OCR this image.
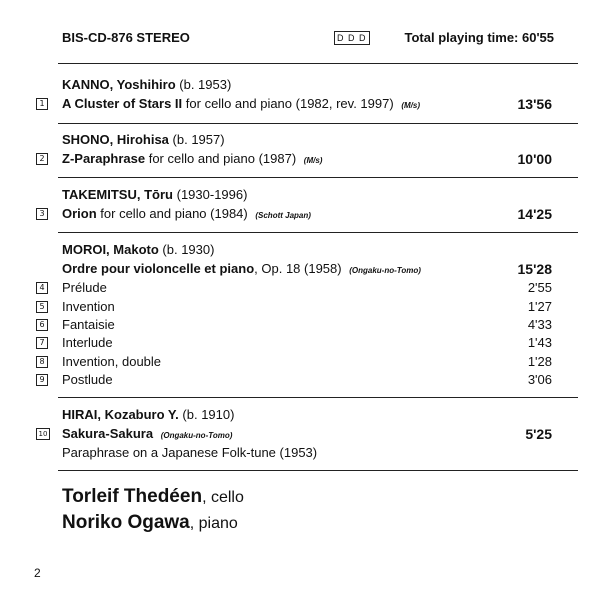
BIS-CD-876 STEREO	D D D	Total playing time: 60'55
KANNO, Yoshihiro (b. 1953)
1 A Cluster of Stars II for cello and piano (1982, rev. 1997) (M/s)	13'56
SHONO, Hirohisa (b. 1957)
2 Z-Paraphrase for cello and piano (1987) (M/s)	10'00
TAKEMITSU, Tōru (1930-1996)
3 Orion for cello and piano (1984) (Schott Japan)	14'25
MOROI, Makoto (b. 1930)
Ordre pour violoncelle et piano, Op. 18 (1958) (Ongaku-no-Tomo)	15'28
4 Prélude	2'55
5 Invention	1'27
6 Fantaisie	4'33
7 Interlude	1'43
8 Invention, double	1'28
9 Postlude	3'06
HIRAI, Kozaburo Y. (b. 1910)
10 Sakura-Sakura (Ongaku-no-Tomo)	5'25
Paraphrase on a Japanese Folk-tune (1953)
Torleif Thedéen, cello
Noriko Ogawa, piano
2
